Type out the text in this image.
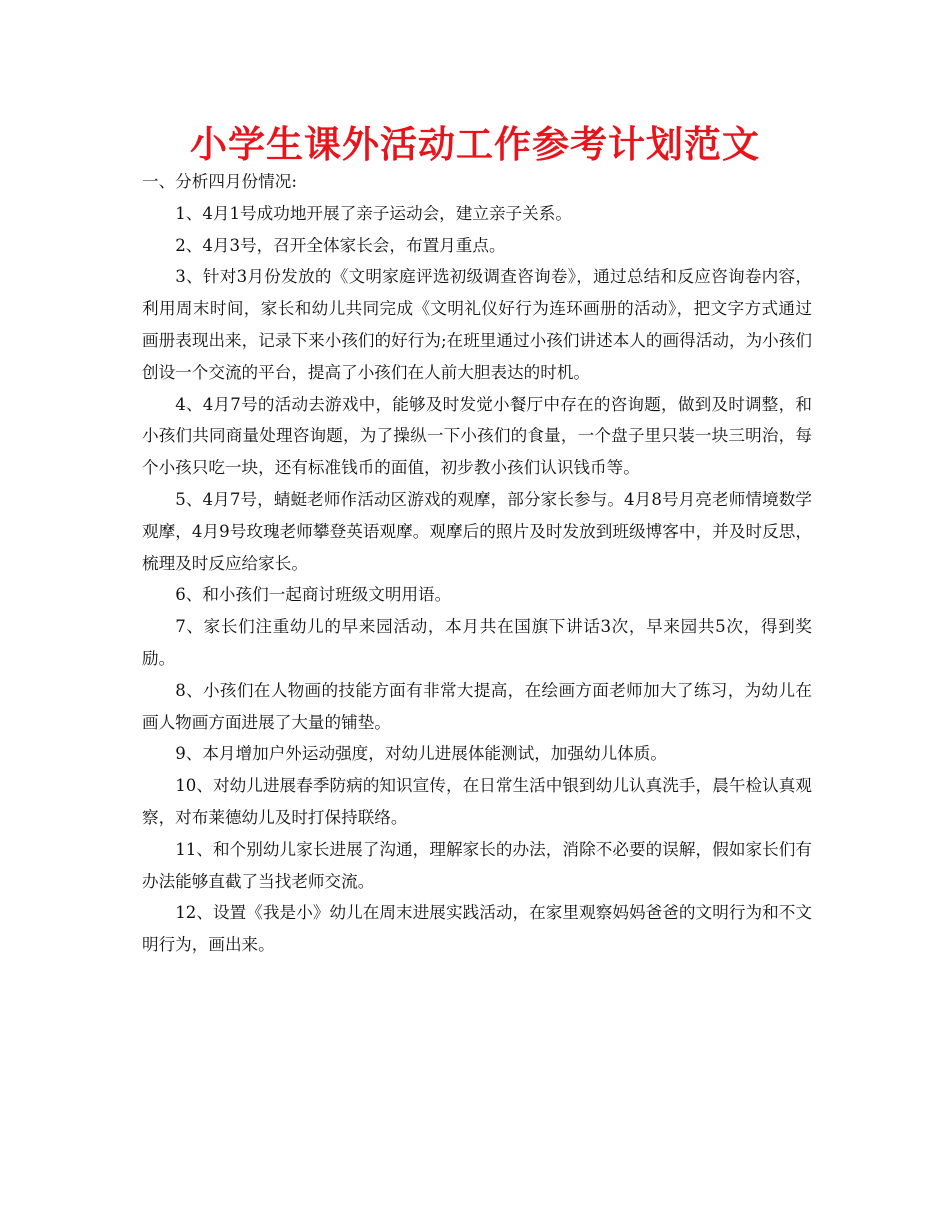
小学生课外活动工作参考计划范文

一、分析四月份情况:

1、4月1号成功地开展了亲子运动会，建立亲子关系。

2、4月3号，召开全体家长会，布置月重点。

3、针对3月份发放的《文明家庭评选初级调查咨询卷》，通过总结和反应咨询卷内容，利用周末时间，家长和幼儿共同完成《文明礼仪好行为连环画册的活动》，把文字方式通过画册表现出来，记录下来小孩们的好行为;在班里通过小孩们讲述本人的画得活动，为小孩们创设一个交流的平台，提高了小孩们在人前大胆表达的时机。

4、4月7号的活动去游戏中，能够及时发觉小餐厅中存在的咨询题，做到及时调整，和小孩们共同商量处理咨询题，为了操纵一下小孩们的食量，一个盘子里只装一块三明治，每个小孩只吃一块，还有标准钱币的面值，初步教小孩们认识钱币等。

5、4月7号，蜻蜓老师作活动区游戏的观摩，部分家长参与。4月8号月亮老师情境数学观摩，4月9号玫瑰老师攀登英语观摩。观摩后的照片及时发放到班级博客中，并及时反思，梳理及时反应给家长。

6、和小孩们一起商讨班级文明用语。

7、家长们注重幼儿的早来园活动，本月共在国旗下讲话3次，早来园共5次，得到奖励。

8、小孩们在人物画的技能方面有非常大提高，在绘画方面老师加大了练习，为幼儿在画人物画方面进展了大量的铺垫。

9、本月增加户外运动强度，对幼儿进展体能测试，加强幼儿体质。

10、对幼儿进展春季防病的知识宣传，在日常生活中银到幼儿认真洗手，晨午检认真观察，对布莱德幼儿及时打保持联络。

11、和个别幼儿家长进展了沟通，理解家长的办法，消除不必要的误解，假如家长们有办法能够直截了当找老师交流。

12、设置《我是小》幼儿在周末进展实践活动，在家里观察妈妈爸爸的文明行为和不文明行为，画出来。
